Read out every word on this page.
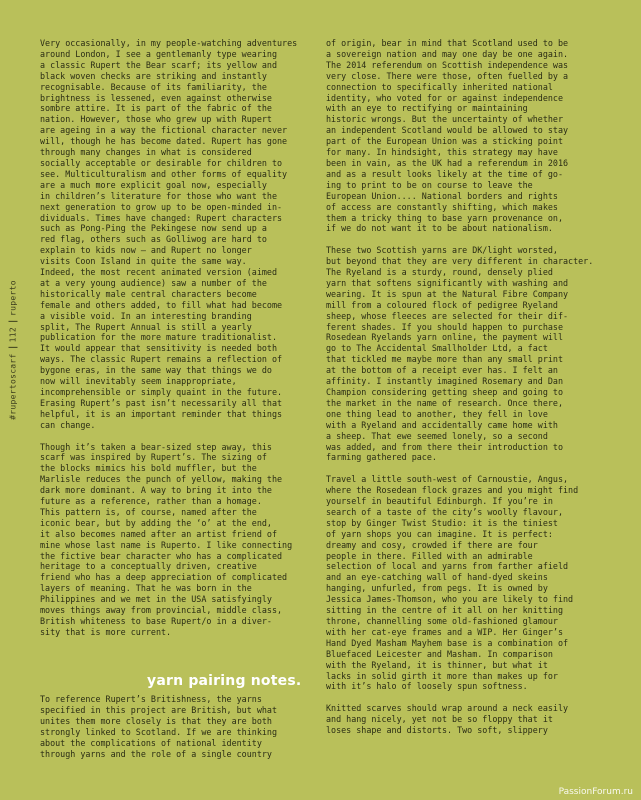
#rupertoscarf
112
ruperto

Very occasionally, in my people-watching adventures
around London, I see a gentlemanly type wearing
a classic Rupert the Bear scarf; its yellow and
black woven checks are striking and instantly
recognisable. Because of its familiarity, the
brightness is lessened, even against otherwise
sombre attire. It is part of the fabric of the
nation. However, those who grew up with Rupert
are ageing in a way the fictional character never
will, though he has become dated. Rupert has gone
through many changes in what is considered
socially acceptable or desirable for children to
see. Multiculturalism and other forms of equality
are a much more explicit goal now, especially
in children’s literature for those who want the
next generation to grow up to be open-minded in-
dividuals. Times have changed: Rupert characters
such as Pong-Ping the Pekingese now send up a
red flag, others such as Golliwog are hard to
explain to kids now – and Rupert no longer
visits Coon Island in quite the same way.
Indeed, the most recent animated version (aimed
at a very young audience) saw a number of the
historically male central characters become
female and others added, to fill what had become
a visible void. In an interesting branding
split, The Rupert Annual is still a yearly
publication for the more mature traditionalist.
It would appear that sensitivity is needed both
ways. The classic Rupert remains a reflection of
bygone eras, in the same way that things we do
now will inevitably seem inappropriate,
incomprehensible or simply quaint in the future.
Erasing Rupert’s past isn’t necessarily all that
helpful, it is an important reminder that things
can change.

Though it’s taken a bear-sized step away, this
scarf was inspired by Rupert’s. The sizing of
the blocks mimics his bold muffler, but the
Marlisle reduces the punch of yellow, making the
dark more dominant. A way to bring it into the
future as a reference, rather than a homage.
This pattern is, of course, named after the
iconic bear, but by adding the ‘o’ at the end,
it also becomes named after an artist friend of
mine whose last name is Ruperto. I like connecting
the fictive bear character who has a complicated
heritage to a conceptually driven, creative
friend who has a deep appreciation of complicated
layers of meaning. That he was born in the
Philippines and we met in the USA satisfyingly
moves things away from provincial, middle class,
British whiteness to base Rupert/o in a diver-
sity that is more current.

yarn pairing notes.

To reference Rupert’s Britishness, the yarns
specified in this project are British, but what
unites them more closely is that they are both
strongly linked to Scotland. If we are thinking
about the complications of national identity
through yarns and the role of a single country

of origin, bear in mind that Scotland used to be
a sovereign nation and may one day be one again.
The 2014 referendum on Scottish independence was
very close. There were those, often fuelled by a
connection to specifically inherited national
identity, who voted for or against independence
with an eye to rectifying or maintaining
historic wrongs. But the uncertainty of whether
an independent Scotland would be allowed to stay
part of the European Union was a sticking point
for many. In hindsight, this strategy may have
been in vain, as the UK had a referendum in 2016
and as a result looks likely at the time of go-
ing to print to be on course to leave the
European Union.... National borders and rights
of access are constantly shifting, which makes
them a tricky thing to base yarn provenance on,
if we do not want it to be about nationalism.

These two Scottish yarns are DK/light worsted,
but beyond that they are very different in character.
The Ryeland is a sturdy, round, densely plied
yarn that softens significantly with washing and
wearing. It is spun at the Natural Fibre Company
mill from a coloured flock of pedigree Ryeland
sheep, whose fleeces are selected for their dif-
ferent shades. If you should happen to purchase
Rosedean Ryelands yarn online, the payment will
go to The Accidental Smallholder Ltd, a fact
that tickled me maybe more than any small print
at the bottom of a receipt ever has. I felt an
affinity. I instantly imagined Rosemary and Dan
Champion considering getting sheep and going to
the market in the name of research. Once there,
one thing lead to another, they fell in love
with a Ryeland and accidentally came home with
a sheep. That ewe seemed lonely, so a second
was added, and from there their introduction to
farming gathered pace.

Travel a little south-west of Carnoustie, Angus,
where the Rosedean flock grazes and you might find
yourself in beautiful Edinburgh. If you’re in
search of a taste of the city’s woolly flavour,
stop by Ginger Twist Studio: it is the tiniest
of yarn shops you can imagine. It is perfect:
dreamy and cosy, crowded if there are four
people in there. Filled with an admirable
selection of local and yarns from farther afield
and an eye-catching wall of hand-dyed skeins
hanging, unfurled, from pegs. It is owned by
Jessica James-Thomson, who you are likely to find
sitting in the centre of it all on her knitting
throne, channelling some old-fashioned glamour
with her cat-eye frames and a WIP. Her Ginger’s
Hand Dyed Masham Mayhem base is a combination of
Bluefaced Leicester and Masham. In comparison
with the Ryeland, it is thinner, but what it
lacks in solid girth it more than makes up for
with it’s halo of loosely spun softness.

Knitted scarves should wrap around a neck easily
and hang nicely, yet not be so floppy that it
loses shape and distorts. Two soft, slippery

PassionForum.ru
